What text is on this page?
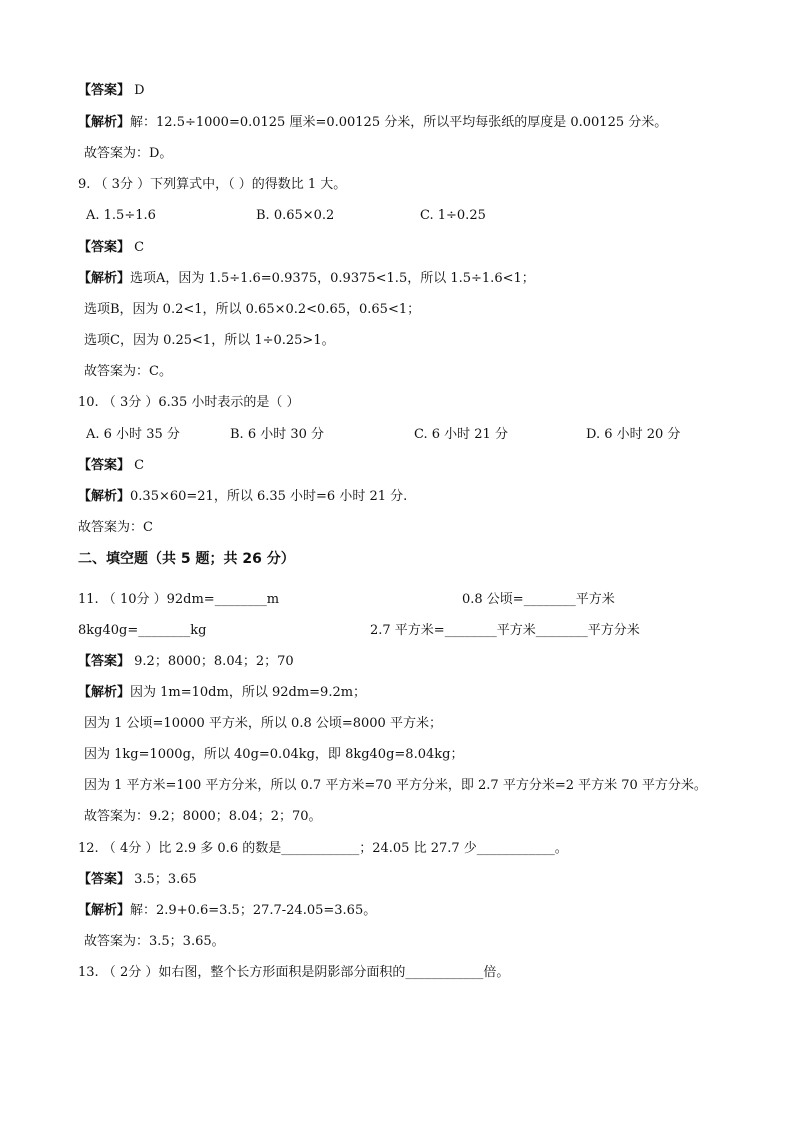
【答案】 D
【解析】解：12.5÷1000=0.0125 厘米=0.00125 分米，所以平均每张纸的厚度是 0.00125 分米。
故答案为：D。
9. （ 3分 ）下列算式中，（ ）的得数比 1 大。
A. 1.5÷1.6	B. 0.65×0.2	C. 1÷0.25
【答案】 C
【解析】选项A，因为 1.5÷1.6=0.9375，0.9375<1.5，所以 1.5÷1.6<1；
选项B，因为 0.2<1，所以 0.65×0.2<0.65，0.65<1；
选项C，因为 0.25<1，所以 1÷0.25>1。
故答案为：C。
10. （ 3分 ）6.35 小时表示的是（ ）
A. 6 小时 35 分	B. 6 小时 30 分	C. 6 小时 21 分	D. 6 小时 20 分
【答案】 C
【解析】0.35×60=21，所以 6.35 小时=6 小时 21 分.
故答案为：C
二、填空题（共 5 题；共 26 分）
11. （ 10分 ）92dm=________m	0.8 公顷=________平方米
8kg40g=________kg	2.7 平方米=________平方米________平方分米
【答案】 9.2；8000；8.04；2；70
【解析】因为 1m=10dm，所以 92dm=9.2m；
因为 1 公顷=10000 平方米，所以 0.8 公顷=8000 平方米；
因为 1kg=1000g，所以 40g=0.04kg，即 8kg40g=8.04kg；
因为 1 平方米=100 平方分米，所以 0.7 平方米=70 平方分米，即 2.7 平方分米=2 平方米 70 平方分米。
故答案为：9.2；8000；8.04；2；70。
12. （ 4分 ）比 2.9 多 0.6 的数是____________；24.05 比 27.7 少____________。
【答案】 3.5；3.65
【解析】解：2.9+0.6=3.5；27.7-24.05=3.65。
故答案为：3.5；3.65。
13. （ 2分 ）如右图，整个长方形面积是阴影部分面积的____________倍。
